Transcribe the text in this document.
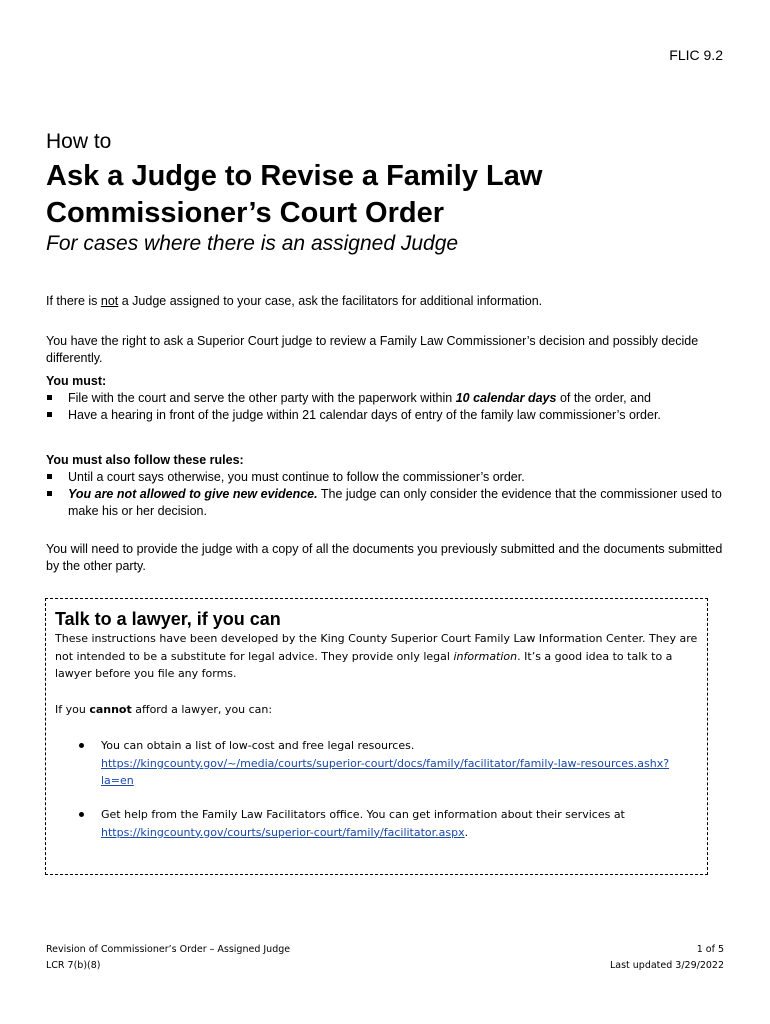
FLIC 9.2
How to
Ask a Judge to Revise a Family Law Commissioner’s Court Order
For cases where there is an assigned Judge
If there is not a Judge assigned to your case, ask the facilitators for additional information.
You have the right to ask a Superior Court judge to review a Family Law Commissioner’s decision and possibly decide differently.
You must:
File with the court and serve the other party with the paperwork within 10 calendar days of the order, and
Have a hearing in front of the judge within 21 calendar days of entry of the family law commissioner’s order.
You must also follow these rules:
Until a court says otherwise, you must continue to follow the commissioner’s order.
You are not allowed to give new evidence. The judge can only consider the evidence that the commissioner used to make his or her decision.
You will need to provide the judge with a copy of all the documents you previously submitted and the documents submitted by the other party.
Talk to a lawyer, if you can
These instructions have been developed by the King County Superior Court Family Law Information Center. They are not intended to be a substitute for legal advice. They provide only legal information. It’s a good idea to talk to a lawyer before you file any forms.
If you cannot afford a lawyer, you can:
You can obtain a list of low-cost and free legal resources.
https://kingcounty.gov/~/media/courts/superior-court/docs/family/facilitator/family-law-resources.ashx?la=en
Get help from the Family Law Facilitators office. You can get information about their services at
https://kingcounty.gov/courts/superior-court/family/facilitator.aspx.
Revision of Commissioner’s Order – Assigned Judge
LCR 7(b)(8)
1 of 5
Last updated 3/29/2022
